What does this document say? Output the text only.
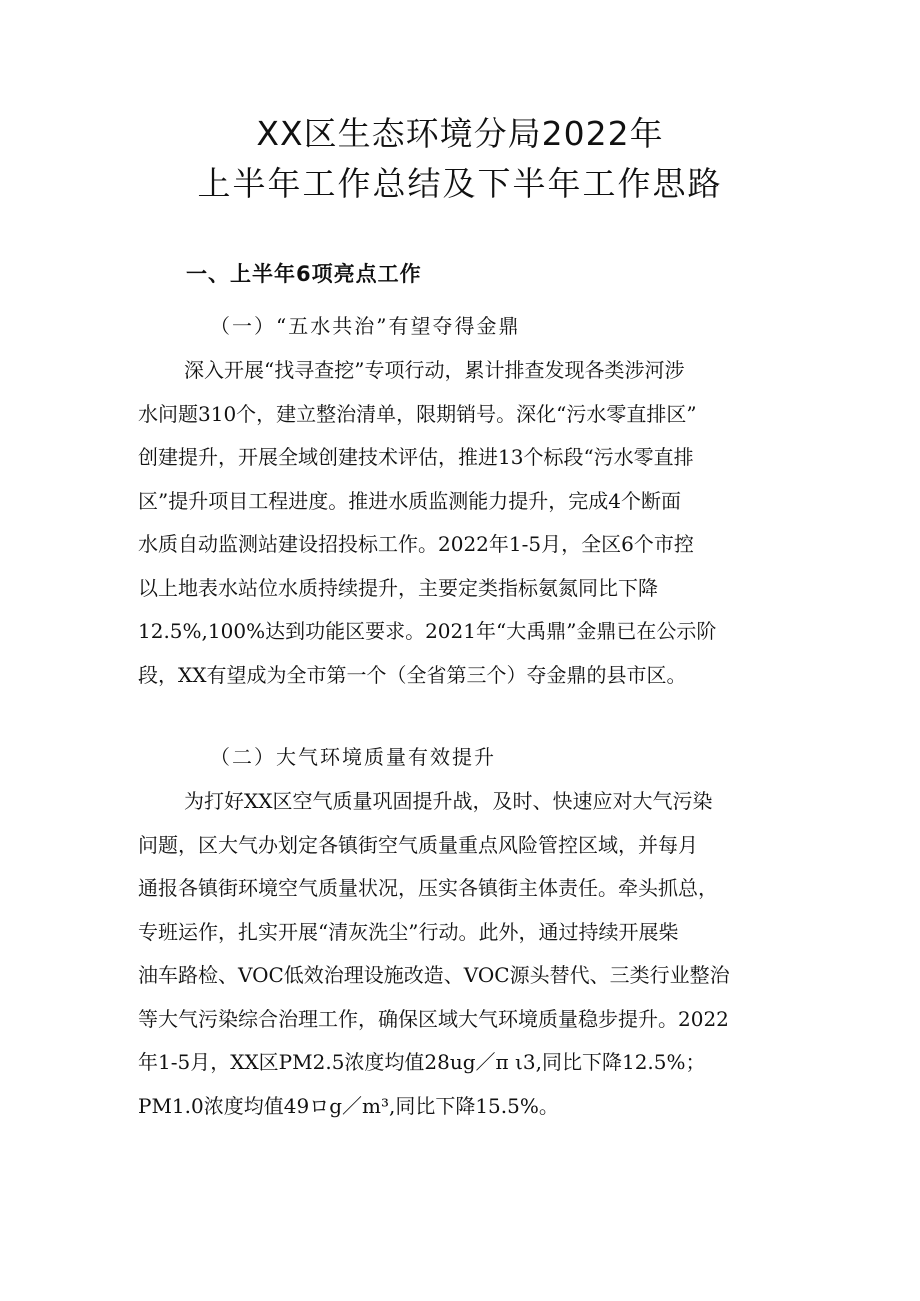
XX区生态环境分局2022年
上半年工作总结及下半年工作思路
一、上半年6项亮点工作
（一）“五水共治”有望夺得金鼎
深入开展“找寻查挖”专项行动，累计排查发现各类涉河涉
水问题310个，建立整治清单，限期销号。深化“污水零直排区”
创建提升，开展全域创建技术评估，推进13个标段“污水零直排
区”提升项目工程进度。推进水质监测能力提升，完成4个断面
水质自动监测站建设招投标工作。2022年1-5月，全区6个市控
以上地表水站位水质持续提升，主要定类指标氨氮同比下降
12.5%,100%达到功能区要求。2021年“大禹鼎”金鼎已在公示阶
段，XX有望成为全市第一个（全省第三个）夺金鼎的县市区。
（二）大气环境质量有效提升
为打好XX区空气质量巩固提升战，及时、快速应对大气污染
问题，区大气办划定各镇街空气质量重点风险管控区域，并每月
通报各镇街环境空气质量状况，压实各镇街主体责任。牵头抓总，
专班运作，扎实开展“清灰洗尘”行动。此外，通过持续开展柴
油车路检、VOC低效治理设施改造、VOC源头替代、三类行业整治
等大气污染综合治理工作，确保区域大气环境质量稳步提升。2022
年1-5月，XX区PM2.5浓度均值28ug／π ι3,同比下降12.5%；
PM1.0浓度均值49ロg／m³,同比下降15.5%。
